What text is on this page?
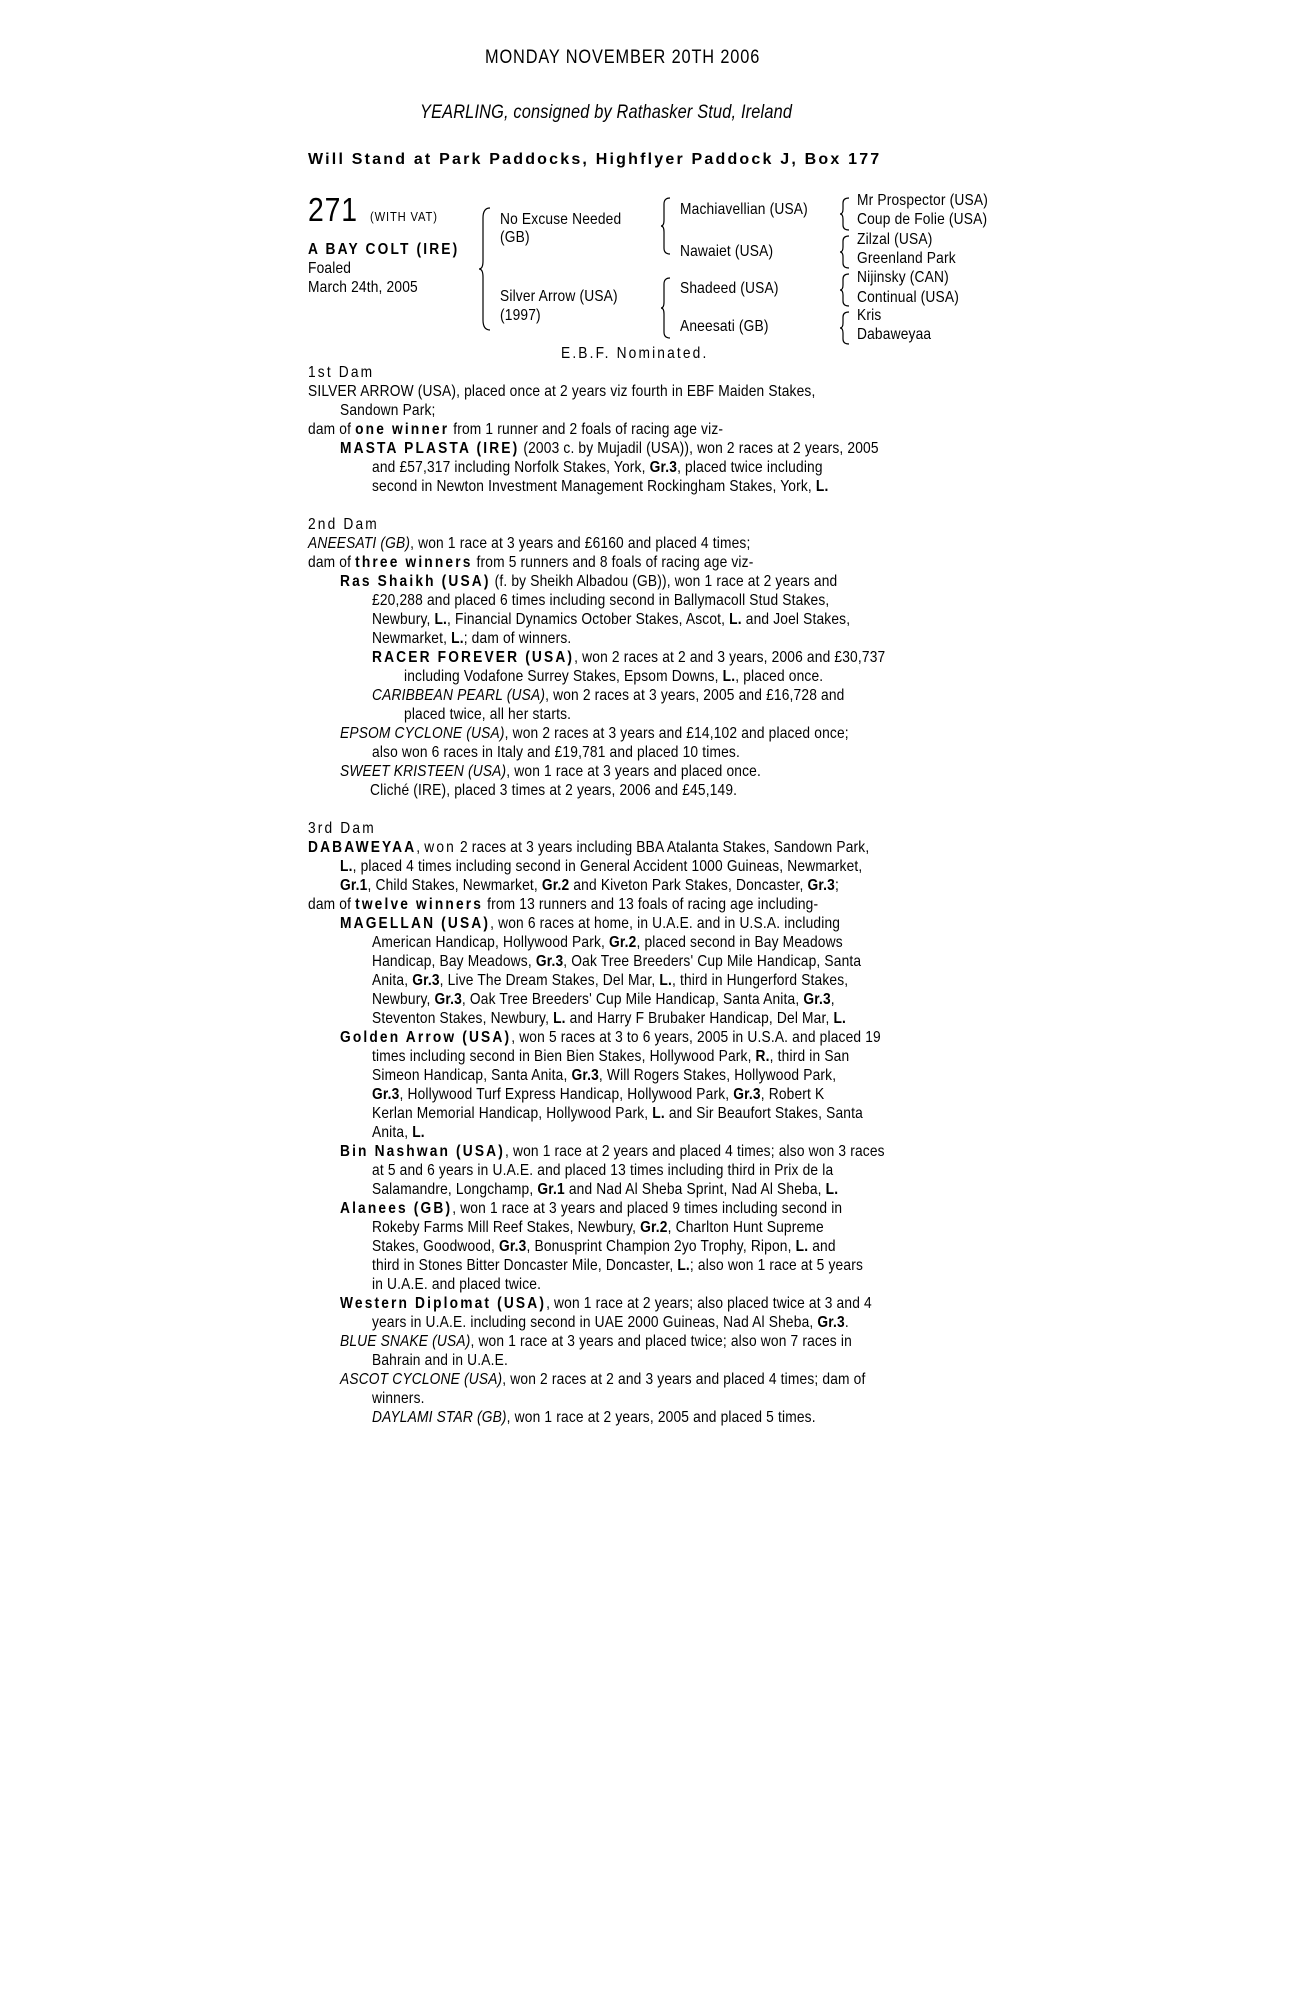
MONDAY NOVEMBER 20TH 2006
YEARLING, consigned by Rathasker Stud, Ireland
Will Stand at Park Paddocks, Highflyer Paddock J, Box 177
271 (WITH VAT)
A BAY COLT (IRE)
Foaled
March 24th, 2005
No Excuse Needed
(GB)
Silver Arrow (USA)
(1997)
Machiavellian (USA)
Nawaiet (USA)
Shadeed (USA)
Aneesati (GB)
Mr Prospector (USA)
Coup de Folie (USA)
Zilzal (USA)
Greenland Park
Nijinsky (CAN)
Continual (USA)
Kris
Dabaweyaa
E.B.F. Nominated.
1st Dam
SILVER ARROW (USA), placed once at 2 years viz fourth in EBF Maiden Stakes,
Sandown Park;
dam of one winner from 1 runner and 2 foals of racing age viz-
MASTA PLASTA (IRE) (2003 c. by Mujadil (USA)), won 2 races at 2 years, 2005
and £57,317 including Norfolk Stakes, York, Gr.3, placed twice including
second in Newton Investment Management Rockingham Stakes, York, L.
2nd Dam
ANEESATI (GB), won 1 race at 3 years and £6160 and placed 4 times;
dam of three winners from 5 runners and 8 foals of racing age viz-
Ras Shaikh (USA) (f. by Sheikh Albadou (GB)), won 1 race at 2 years and
£20,288 and placed 6 times including second in Ballymacoll Stud Stakes,
Newbury, L., Financial Dynamics October Stakes, Ascot, L. and Joel Stakes,
Newmarket, L.; dam of winners.
RACER FOREVER (USA), won 2 races at 2 and 3 years, 2006 and £30,737
including Vodafone Surrey Stakes, Epsom Downs, L., placed once.
CARIBBEAN PEARL (USA), won 2 races at 3 years, 2005 and £16,728 and
placed twice, all her starts.
EPSOM CYCLONE (USA), won 2 races at 3 years and £14,102 and placed once;
also won 6 races in Italy and £19,781 and placed 10 times.
SWEET KRISTEEN (USA), won 1 race at 3 years and placed once.
Cliché (IRE), placed 3 times at 2 years, 2006 and £45,149.
3rd Dam
DABAWEYAA, won 2 races at 3 years including BBA Atalanta Stakes, Sandown Park,
L., placed 4 times including second in General Accident 1000 Guineas, Newmarket,
Gr.1, Child Stakes, Newmarket, Gr.2 and Kiveton Park Stakes, Doncaster, Gr.3;
dam of twelve winners from 13 runners and 13 foals of racing age including-
MAGELLAN (USA), won 6 races at home, in U.A.E. and in U.S.A. including
American Handicap, Hollywood Park, Gr.2, placed second in Bay Meadows
Handicap, Bay Meadows, Gr.3, Oak Tree Breeders' Cup Mile Handicap, Santa
Anita, Gr.3, Live The Dream Stakes, Del Mar, L., third in Hungerford Stakes,
Newbury, Gr.3, Oak Tree Breeders' Cup Mile Handicap, Santa Anita, Gr.3,
Steventon Stakes, Newbury, L. and Harry F Brubaker Handicap, Del Mar, L.
Golden Arrow (USA), won 5 races at 3 to 6 years, 2005 in U.S.A. and placed 19
times including second in Bien Bien Stakes, Hollywood Park, R., third in San
Simeon Handicap, Santa Anita, Gr.3, Will Rogers Stakes, Hollywood Park,
Gr.3, Hollywood Turf Express Handicap, Hollywood Park, Gr.3, Robert K
Kerlan Memorial Handicap, Hollywood Park, L. and Sir Beaufort Stakes, Santa
Anita, L.
Bin Nashwan (USA), won 1 race at 2 years and placed 4 times; also won 3 races
at 5 and 6 years in U.A.E. and placed 13 times including third in Prix de la
Salamandre, Longchamp, Gr.1 and Nad Al Sheba Sprint, Nad Al Sheba, L.
Alanees (GB), won 1 race at 3 years and placed 9 times including second in
Rokeby Farms Mill Reef Stakes, Newbury, Gr.2, Charlton Hunt Supreme
Stakes, Goodwood, Gr.3, Bonusprint Champion 2yo Trophy, Ripon, L. and
third in Stones Bitter Doncaster Mile, Doncaster, L.; also won 1 race at 5 years
in U.A.E. and placed twice.
Western Diplomat (USA), won 1 race at 2 years; also placed twice at 3 and 4
years in U.A.E. including second in UAE 2000 Guineas, Nad Al Sheba, Gr.3.
BLUE SNAKE (USA), won 1 race at 3 years and placed twice; also won 7 races in
Bahrain and in U.A.E.
ASCOT CYCLONE (USA), won 2 races at 2 and 3 years and placed 4 times; dam of
winners.
DAYLAMI STAR (GB), won 1 race at 2 years, 2005 and placed 5 times.
